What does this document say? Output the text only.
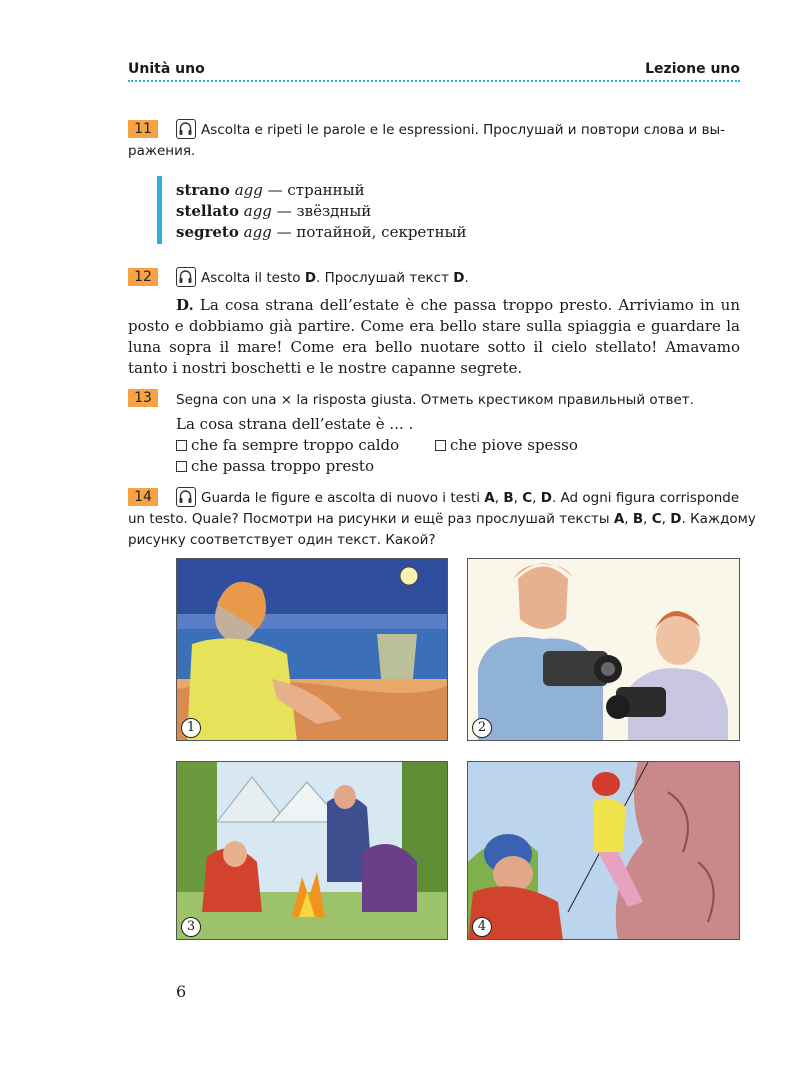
Unità uno	Lezione uno
11	Ascolta e ripeti le parole e le espressioni. Прослушай и повтори слова и вы-
ражения.
strano agg — странный
stellato agg — звёздный
segreto agg — потайной, секретный
12	Ascolta il testo D. Прослушай текст D.
D. La cosa strana dell’estate è che passa troppo presto. Arriviamo in un posto e dobbiamo già partire. Come era bello stare sulla spiaggia e guardare la luna sopra il mare! Come era bello nuotare sotto il cielo stellato! Amavamo tanto i nostri boschetti e le nostre capanne segrete.
13	Segna con una × la risposta giusta. Отметь крестиком правильный ответ.
La cosa strana dell’estate è ... .
che fa sempre troppo caldo	che piove spesso
che passa troppo presto
14	Guarda le figure e ascolta di nuovo i testi A, B, C, D. Ad ogni figura corrisponde
un testo. Quale? Посмотри на рисунки и ещё раз прослушай тексты A, B, C, D. Каждому
рисунку соответствует один текст. Какой?
1	2
3	4
6
